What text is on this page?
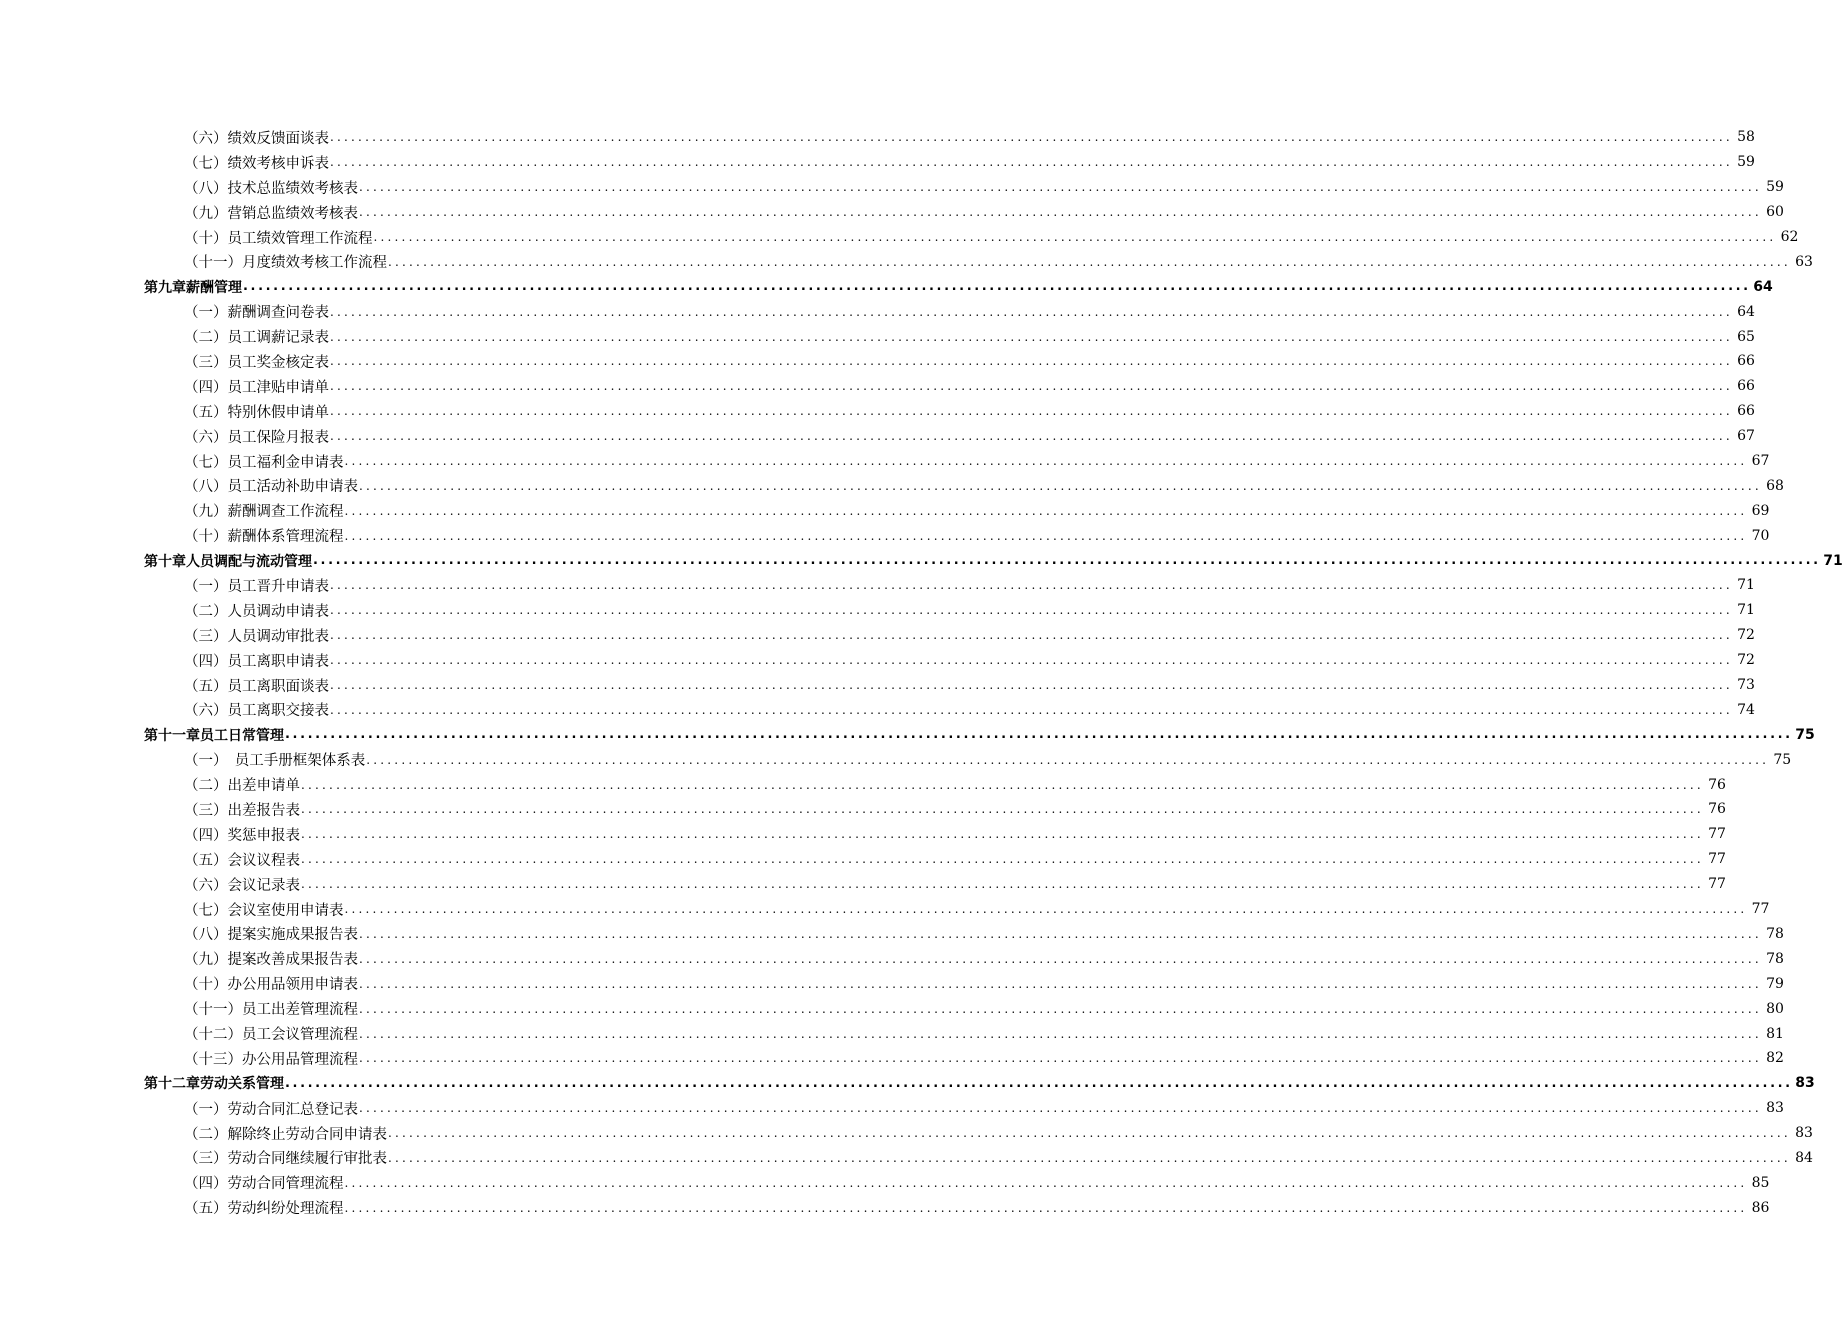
（六）绩效反馈面谈表 ........................................................................................................................................................................................................ 58
（七）绩效考核申诉表 ........................................................................................................................................................................................................ 59
（八）技术总监绩效考核表 ........................................................................................................................................................................................................ 59
（九）营销总监绩效考核表 ........................................................................................................................................................................................................ 60
（十）员工绩效管理工作流程 ........................................................................................................................................................................................................ 62
（十一）月度绩效考核工作流程 ........................................................................................................................................................................................................ 63
第九章 薪酬管理 ........................................................................................................................................................................................................ 64
（一）薪酬调查问卷表 ........................................................................................................................................................................................................ 64
（二）员工调薪记录表 ........................................................................................................................................................................................................ 65
（三）员工奖金核定表 ........................................................................................................................................................................................................ 66
（四）员工津贴申请单 ........................................................................................................................................................................................................ 66
（五）特别休假申请单 ........................................................................................................................................................................................................ 66
（六）员工保险月报表 ........................................................................................................................................................................................................ 67
（七）员工福利金申请表 ........................................................................................................................................................................................................ 67
（八）员工活动补助申请表 ........................................................................................................................................................................................................ 68
（九）薪酬调查工作流程 ........................................................................................................................................................................................................ 69
（十）薪酬体系管理流程 ........................................................................................................................................................................................................ 70
第十章 人员调配与流动管理 ........................................................................................................................................................................................................ 71
（一）员工晋升申请表 ........................................................................................................................................................................................................ 71
（二）人员调动申请表 ........................................................................................................................................................................................................ 71
（三）人员调动审批表 ........................................................................................................................................................................................................ 72
（四）员工离职申请表 ........................................................................................................................................................................................................ 72
（五）员工离职面谈表 ........................................................................................................................................................................................................ 73
（六）员工离职交接表 ........................................................................................................................................................................................................ 74
第十一章 员工日常管理 ........................................................................................................................................................................................................ 75
（一）　员工手册框架体系表 ........................................................................................................................................................................................................ 75
（二）出差申请单 ........................................................................................................................................................................................................ 76
（三）出差报告表 ........................................................................................................................................................................................................ 76
（四）奖惩申报表 ........................................................................................................................................................................................................ 77
（五）会议议程表 ........................................................................................................................................................................................................ 77
（六）会议记录表 ........................................................................................................................................................................................................ 77
（七）会议室使用申请表 ........................................................................................................................................................................................................ 77
（八）提案实施成果报告表 ........................................................................................................................................................................................................ 78
（九）提案改善成果报告表 ........................................................................................................................................................................................................ 78
（十）办公用品领用申请表 ........................................................................................................................................................................................................ 79
（十一）员工出差管理流程 ........................................................................................................................................................................................................ 80
（十二）员工会议管理流程 ........................................................................................................................................................................................................ 81
（十三）办公用品管理流程 ........................................................................................................................................................................................................ 82
第十二章 劳动关系管理 ........................................................................................................................................................................................................ 83
（一）劳动合同汇总登记表 ........................................................................................................................................................................................................ 83
（二）解除终止劳动合同申请表 ........................................................................................................................................................................................................ 83
（三）劳动合同继续履行审批表 ........................................................................................................................................................................................................ 84
（四）劳动合同管理流程 ........................................................................................................................................................................................................ 85
（五）劳动纠纷处理流程 ........................................................................................................................................................................................................ 86
